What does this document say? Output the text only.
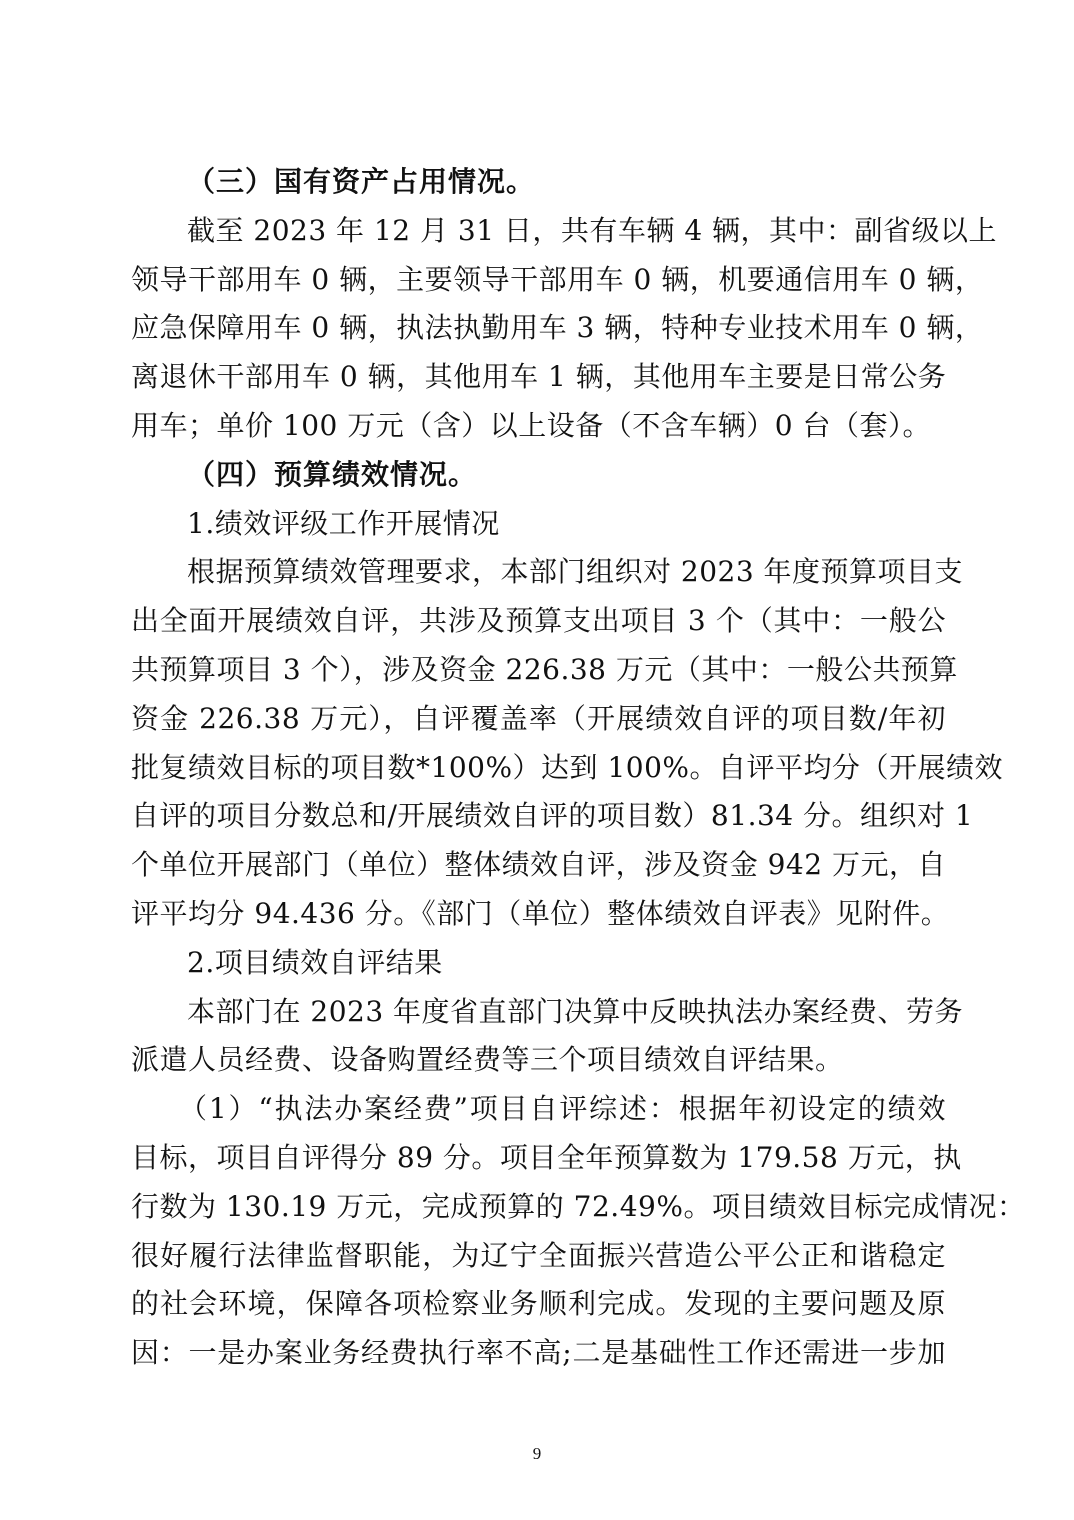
（三）国有资产占用情况。
截至 2023 年 12 月 31 日，共有车辆 4 辆，其中：副省级以上
领导干部用车 0 辆，主要领导干部用车 0 辆，机要通信用车 0 辆，
应急保障用车 0 辆，执法执勤用车 3 辆，特种专业技术用车 0 辆，
离退休干部用车 0 辆，其他用车 1 辆，其他用车主要是日常公务
用车；单价 100 万元（含）以上设备（不含车辆）0 台（套）。
（四）预算绩效情况。
1.绩效评级工作开展情况
根据预算绩效管理要求，本部门组织对 2023 年度预算项目支
出全面开展绩效自评，共涉及预算支出项目 3 个（其中：一般公
共预算项目 3 个），涉及资金 226.38 万元（其中：一般公共预算
资金 226.38 万元），自评覆盖率（开展绩效自评的项目数/年初
批复绩效目标的项目数*100%）达到 100%。自评平均分（开展绩效
自评的项目分数总和/开展绩效自评的项目数）81.34 分。组织对 1
个单位开展部门（单位）整体绩效自评，涉及资金 942 万元，自
评平均分 94.436 分。《部门（单位）整体绩效自评表》见附件。
2.项目绩效自评结果
本部门在 2023 年度省直部门决算中反映执法办案经费、劳务
派遣人员经费、设备购置经费等三个项目绩效自评结果。
（1）“执法办案经费”项目自评综述：根据年初设定的绩效
目标，项目自评得分 89 分。项目全年预算数为 179.58 万元，执
行数为 130.19 万元，完成预算的 72.49%。项目绩效目标完成情况：
很好履行法律监督职能，为辽宁全面振兴营造公平公正和谐稳定
的社会环境，保障各项检察业务顺利完成。发现的主要问题及原
因：一是办案业务经费执行率不高;二是基础性工作还需进一步加
9
